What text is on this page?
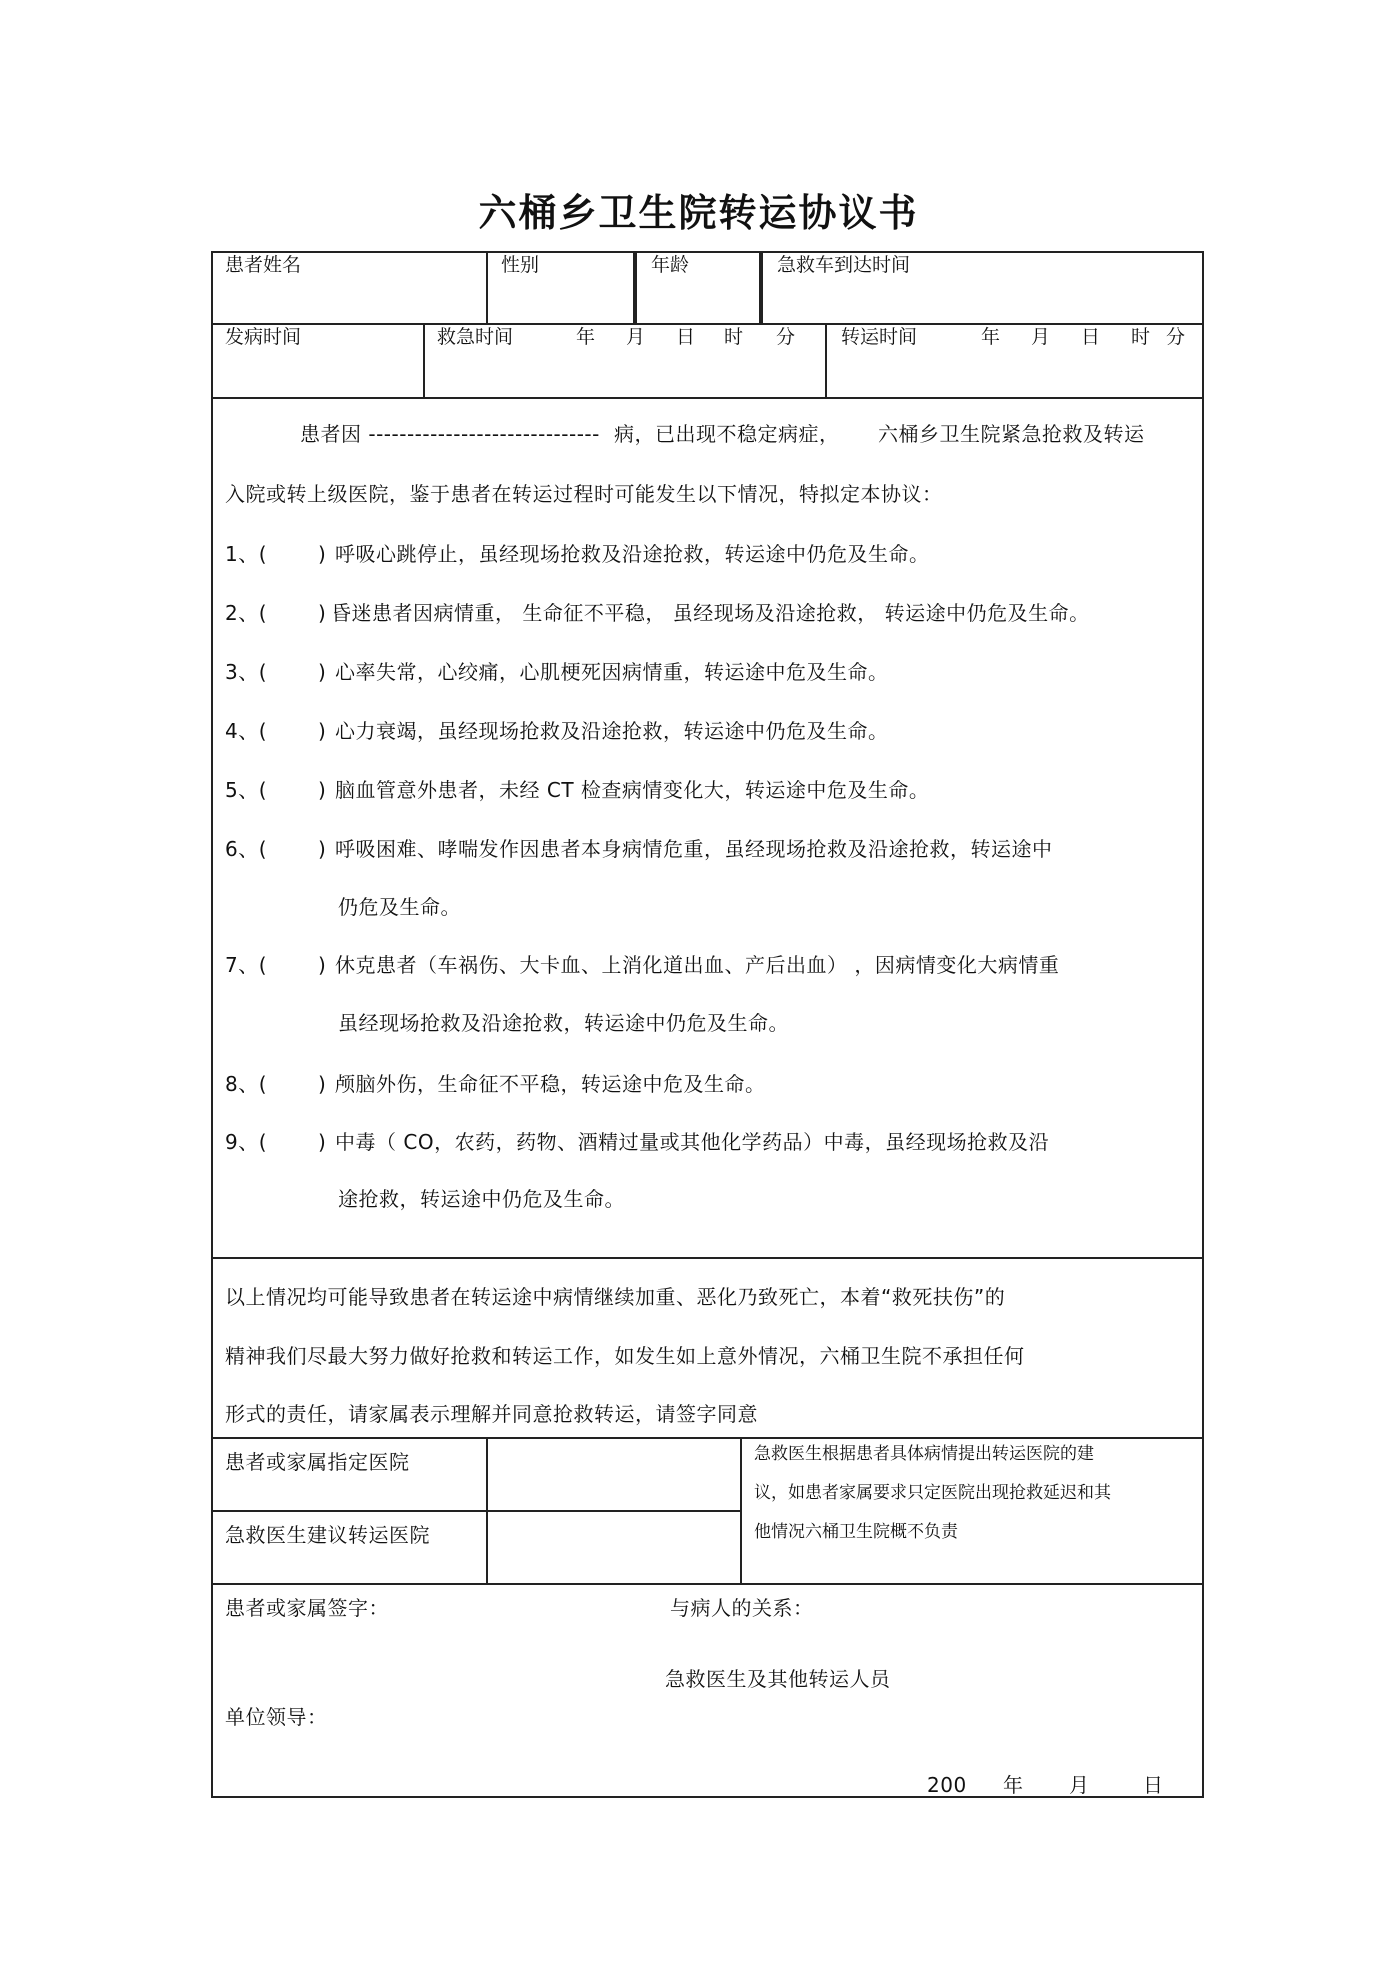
六桶乡卫生院转运协议书
患者姓名	性别	年龄	急救车到达时间
发病时间	救急时间	年 月 日 时 分 转运时间	年 月 日 时 分
患者因 ------------------------------ 病，已出现不稳定病症， 六桶乡卫生院紧急抢救及转运
入院或转上级医院，鉴于患者在转运过程时可能发生以下情况，特拟定本协议：
1、(	) 呼吸心跳停止，虽经现场抢救及沿途抢救，转运途中仍危及生命。
2、(	) 昏迷患者因病情重， 生命征不平稳， 虽经现场及沿途抢救， 转运途中仍危及生命。
3、(	) 心率失常，心绞痛，心肌梗死因病情重，转运途中危及生命。
4、(	) 心力衰竭，虽经现场抢救及沿途抢救，转运途中仍危及生命。
5、(	) 脑血管意外患者，未经 CT 检查病情变化大，转运途中危及生命。
6、(	) 呼吸困难、哮喘发作因患者本身病情危重，虽经现场抢救及沿途抢救，转运途中
仍危及生命。
7、(	) 休克患者（车祸伤、大卡血、上消化道出血、产后出血） ，因病情变化大病情重
虽经现场抢救及沿途抢救，转运途中仍危及生命。
8、(	) 颅脑外伤，生命征不平稳，转运途中危及生命。
9、(	) 中毒（ CO，农药，药物、酒精过量或其他化学药品）中毒，虽经现场抢救及沿
途抢救，转运途中仍危及生命。
以上情况均可能导致患者在转运途中病情继续加重、恶化乃致死亡，本着“救死扶伤”的
精神我们尽最大努力做好抢救和转运工作，如发生如上意外情况，六桶卫生院不承担任何
形式的责任，请家属表示理解并同意抢救转运，请签字同意
患者或家属指定医院
急救医生建议转运医院
急救医生根据患者具体病情提出转运医院的建
议，如患者家属要求只定医院出现抢救延迟和其
他情况六桶卫生院概不负责
患者或家属签字：	与病人的关系：
急救医生及其他转运人员
单位领导：
200 年 月	日
